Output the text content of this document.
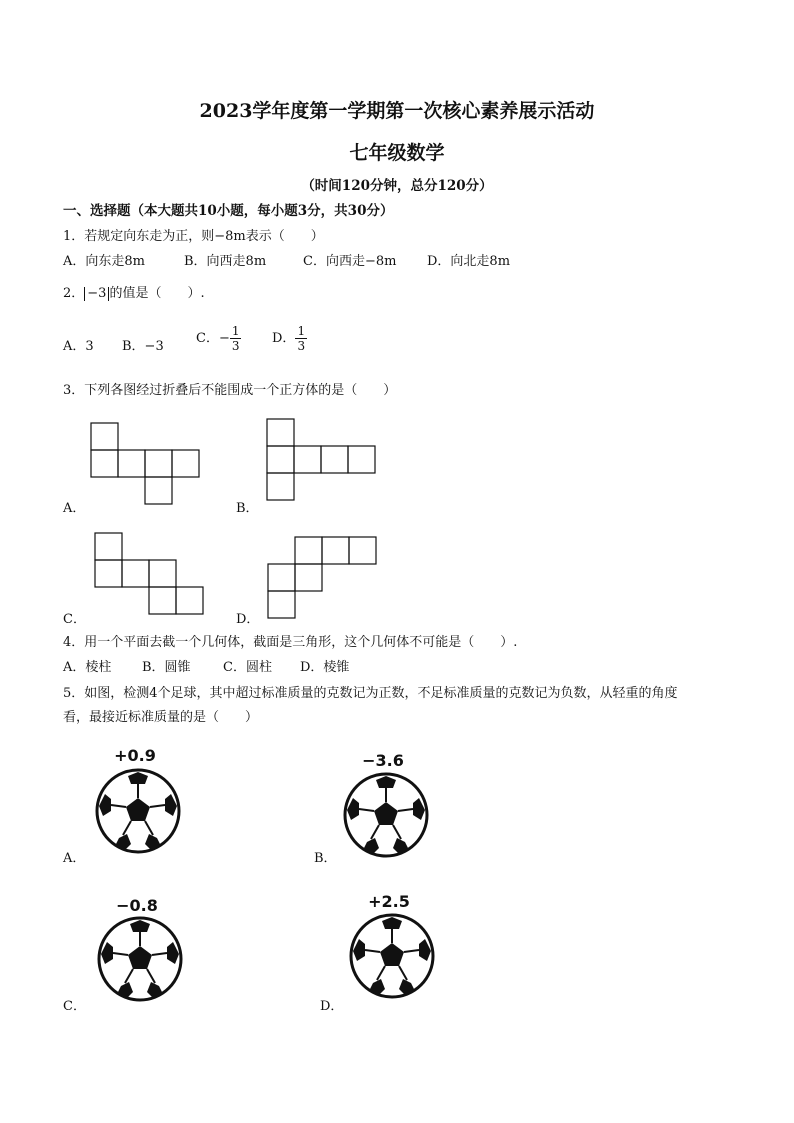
2023学年度第一学期第一次核心素养展示活动
七年级数学
（时间120分钟，总分120分）
一、选择题（本大题共10小题，每小题3分，共30分）
1．若规定向东走为正，则−8m表示（　　）
A．向东走8m	B．向西走8m	C．向西走−8m D．向北走8m
2． −3 的值是（　　）.
A．3 B．−3
C．− $\frac{1}{3}$ D． $\frac{1}{3}$
3．下列各图经过折叠后不能围成一个正方体的是（　　）
A．	B．
C．	D．
4．用一个平面去截一个几何体，截面是三角形，这个几何体不可能是（　　）.
A．棱柱 B．圆锥 C．圆柱 D．棱锥
5．如图，检测4个足球，其中超过标准质量的克数记为正数，不足标准质量的克数记为负数，从轻重的角度
看，最接近标准质量的是（　　）
+0.9
A．
−3.6
B．
−0.8
C．
+2.5
D．
